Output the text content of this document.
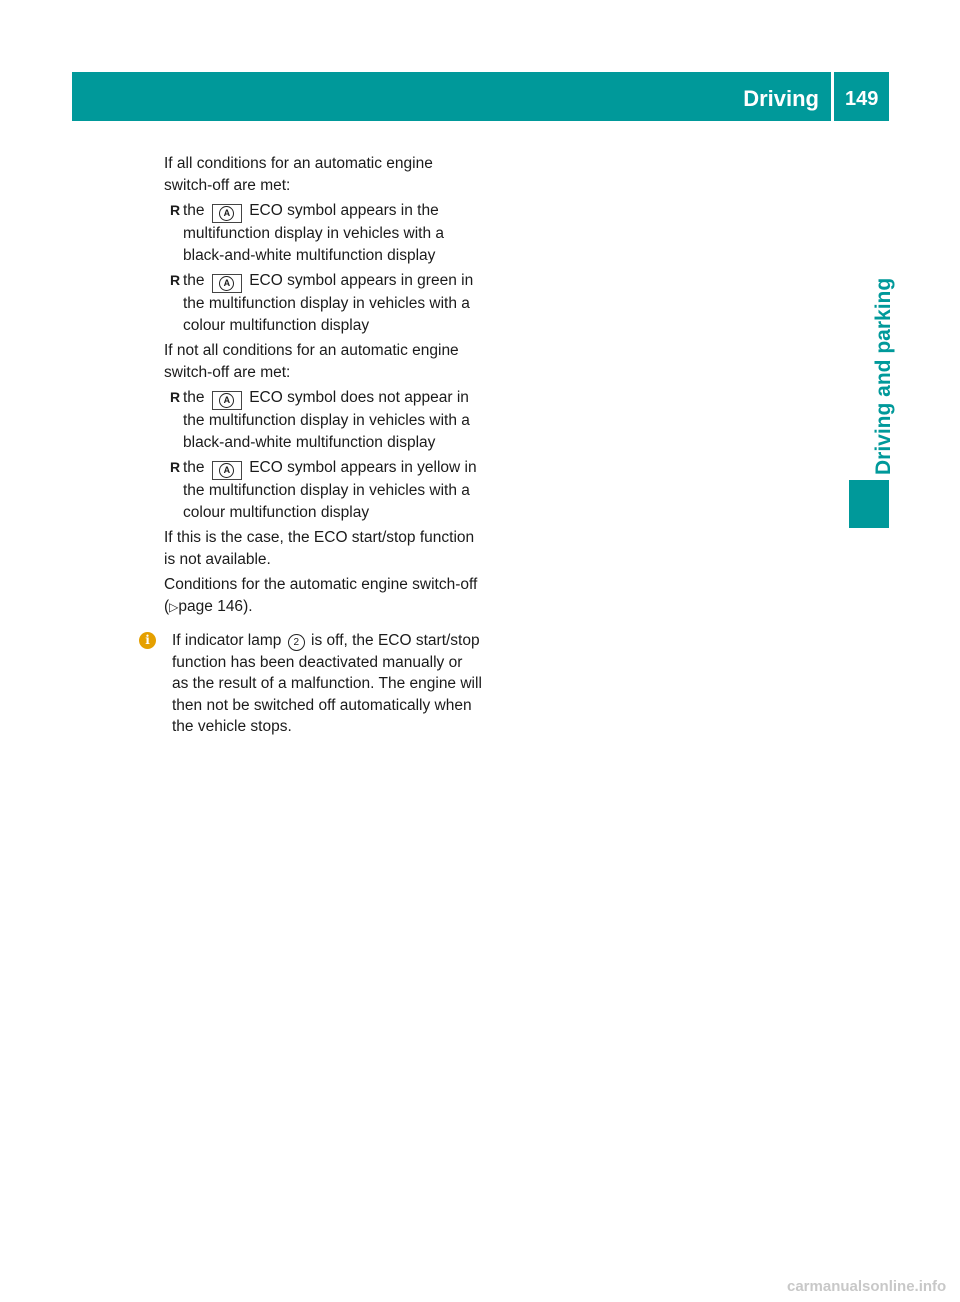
Driving 149
Driving and parking

If all conditions for an automatic engine switch-off are met:

R the A ECO symbol appears in the multifunction display in vehicles with a black-and-white multifunction display
R the A ECO symbol appears in green in the multifunction display in vehicles with a colour multifunction display

If not all conditions for an automatic engine switch-off are met:

R the A ECO symbol does not appear in the multifunction display in vehicles with a black-and-white multifunction display
R the A ECO symbol appears in yellow in the multifunction display in vehicles with a colour multifunction display

If this is the case, the ECO start/stop function is not available.

Conditions for the automatic engine switch-off (▷page 146).

i	If indicator lamp 2 is off, the ECO start/stop function has been deactivated manually or as the result of a malfunction. The engine will then not be switched off automatically when the vehicle stops.
carmanualsonline.info
